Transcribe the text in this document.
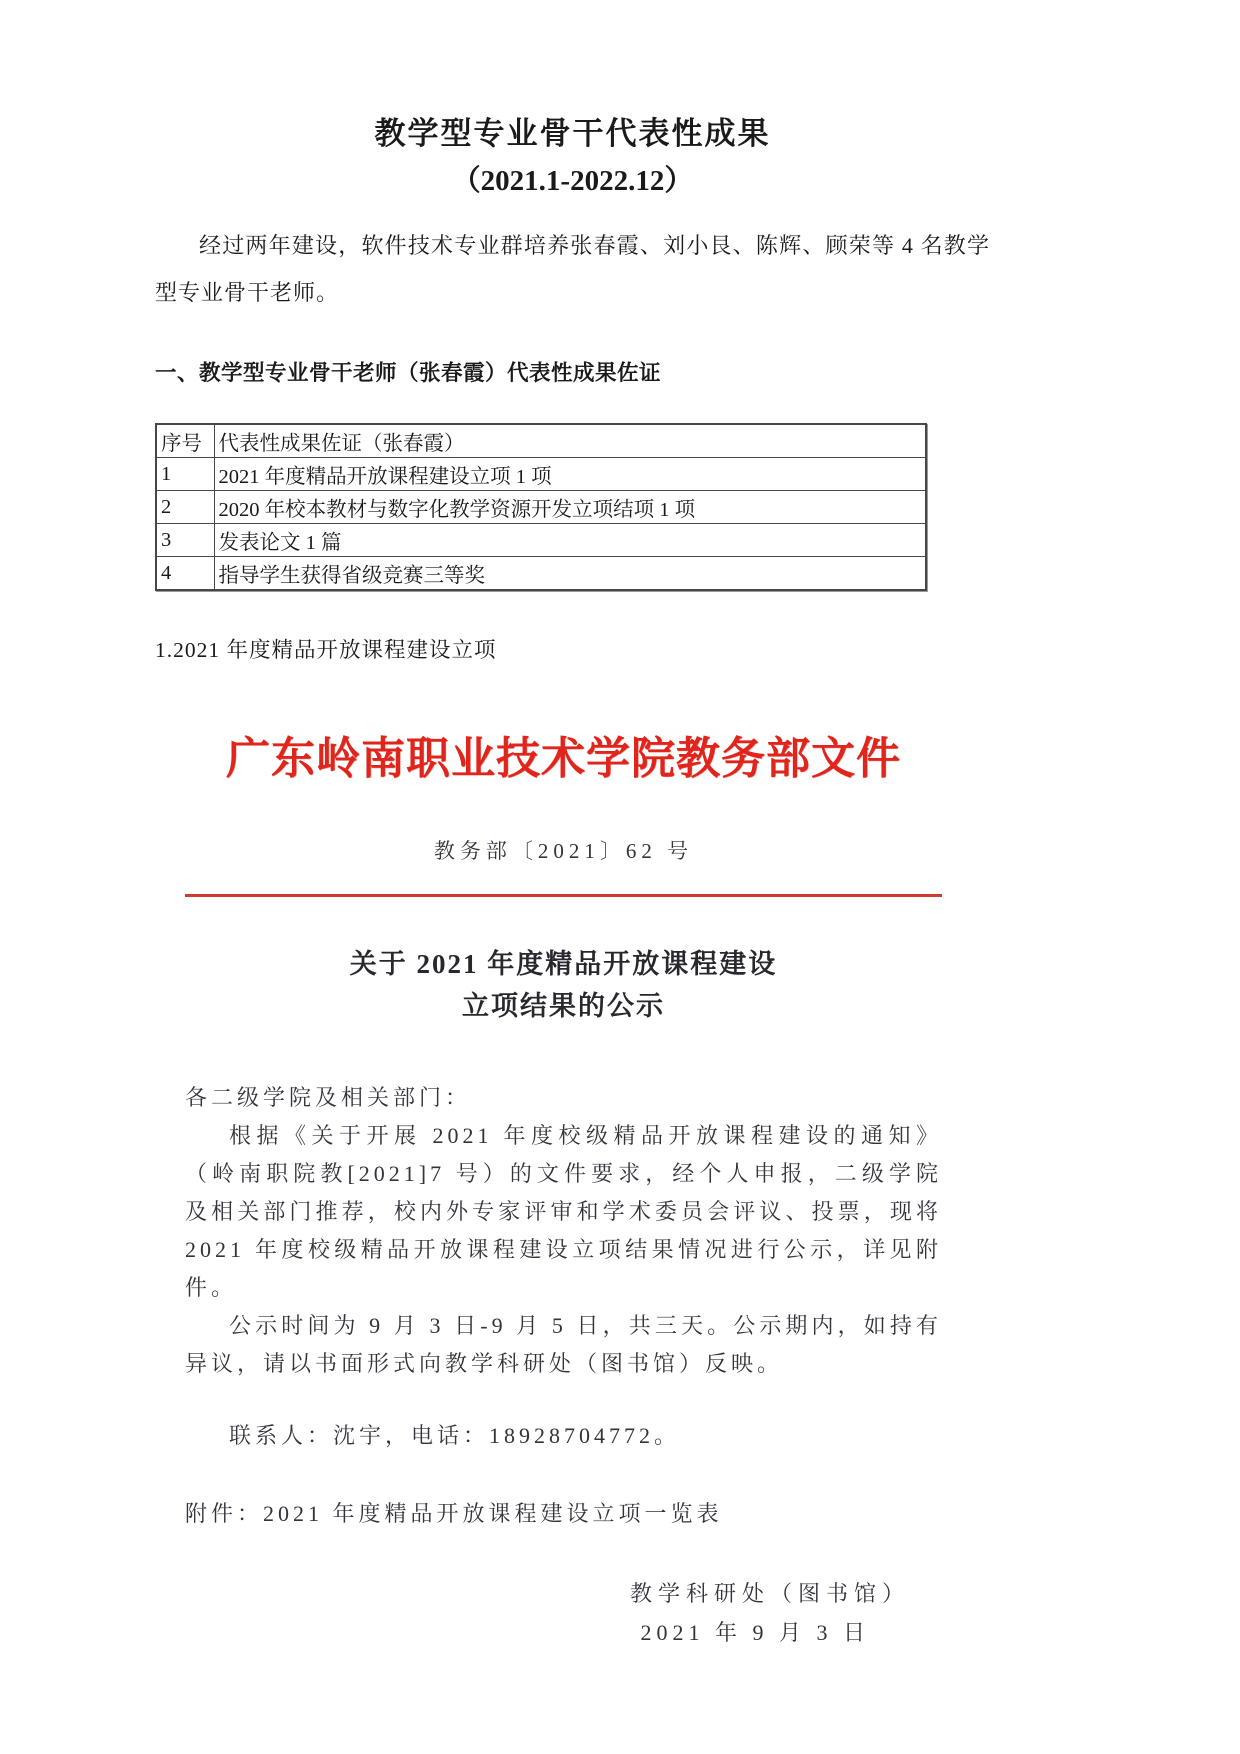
教学型专业骨干代表性成果
（2021.1-2022.12）

经过两年建设，软件技术专业群培养张春霞、刘小艮、陈辉、顾荣等 4 名教学型专业骨干老师。

一、教学型专业骨干老师（张春霞）代表性成果佐证
序号	代表性成果佐证（张春霞）
1	2021 年度精品开放课程建设立项 1 项
2	2020 年校本教材与数字化教学资源开发立项结项 1 项
3	发表论文 1 篇
4	指导学生获得省级竞赛三等奖
1.2021 年度精品开放课程建设立项
广东岭南职业技术学院教务部文件
教务部〔2021〕62 号
关于 2021 年度精品开放课程建设
立项结果的公示
各二级学院及相关部门：

根据《关于开展 2021 年度校级精品开放课程建设的通知》（岭南职院教[2021]7 号）的文件要求，经个人申报，二级学院及相关部门推荐，校内外专家评审和学术委员会评议、投票，现将 2021 年度校级精品开放课程建设立项结果情况进行公示，详见附件。

公示时间为 9 月 3 日-9 月 5 日，共三天。公示期内，如持有异议，请以书面形式向教学科研处（图书馆）反映。

联系人：沈宇，电话：18928704772。
附件：2021 年度精品开放课程建设立项一览表
教学科研处（图书馆）
2021 年 9 月 3 日
